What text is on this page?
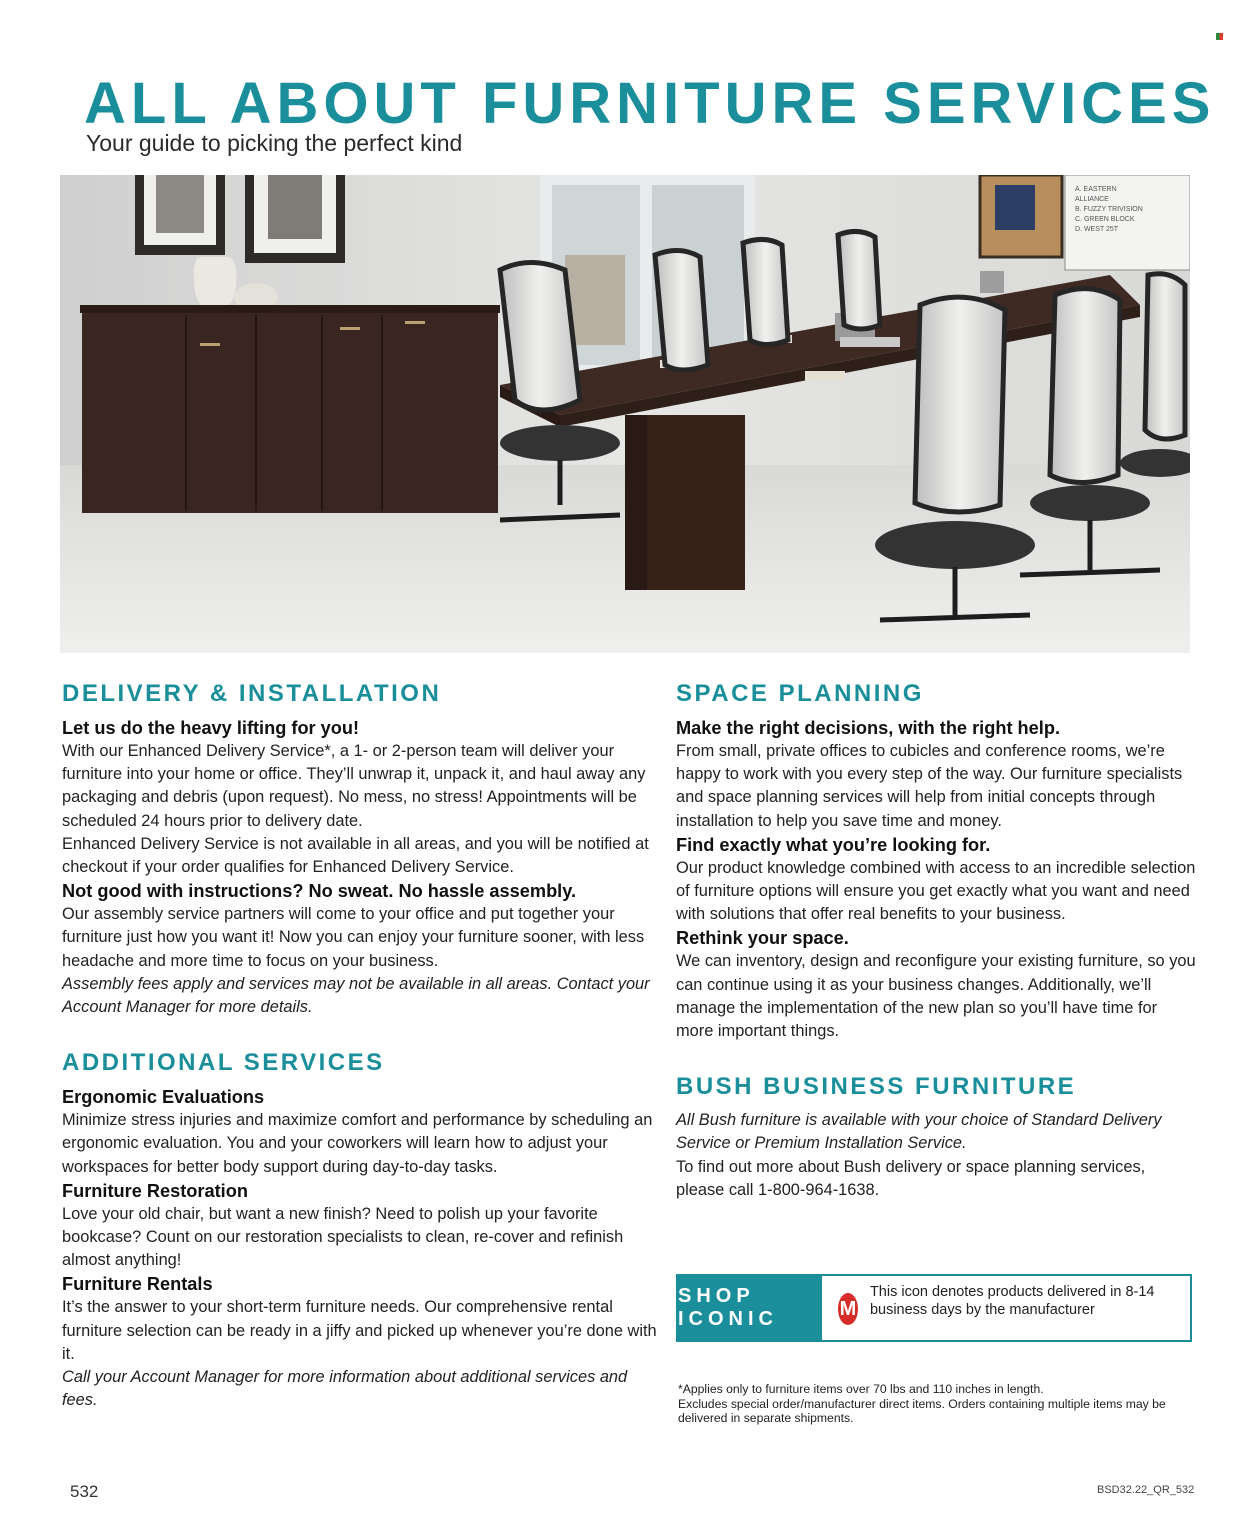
ALL ABOUT FURNITURE SERVICES
Your guide to picking the perfect kind
A. EASTERN
ALLIANCE
B. FUZZY TRIVISION
C. GREEN BLOCK
D. WEST 25T
DELIVERY & INSTALLATION
Let us do the heavy lifting for you!
With our Enhanced Delivery Service*, a 1- or 2-person team will deliver your furniture into your home or office. They’ll unwrap it, unpack it, and haul away any packaging and debris (upon request). No mess, no stress! Appointments will be scheduled 24 hours prior to delivery date.
Enhanced Delivery Service is not available in all areas, and you will be notified at checkout if your order qualifies for Enhanced Delivery Service.
Not good with instructions? No sweat. No hassle assembly.
Our assembly service partners will come to your office and put together your furniture just how you want it! Now you can enjoy your furniture sooner, with less headache and more time to focus on your business.
Assembly fees apply and services may not be available in all areas. Contact your Account Manager for more details.
ADDITIONAL SERVICES
Ergonomic Evaluations
Minimize stress injuries and maximize comfort and performance by scheduling an ergonomic evaluation. You and your coworkers will learn how to adjust your workspaces for better body support during day-to-day tasks.
Furniture Restoration
Love your old chair, but want a new finish? Need to polish up your favorite bookcase? Count on our restoration specialists to clean, re-cover and refinish almost anything!
Furniture Rentals
It’s the answer to your short-term furniture needs. Our comprehensive rental furniture selection can be ready in a jiffy and picked up whenever you’re done with it.
Call your Account Manager for more information about additional services and fees.
SPACE PLANNING
Make the right decisions, with the right help.
From small, private offices to cubicles and conference rooms, we’re happy to work with you every step of the way. Our furniture specialists and space planning services will help from initial concepts through installation to help you save time and money.
Find exactly what you’re looking for.
Our product knowledge combined with access to an incredible selection of furniture options will ensure you get exactly what you want and need with solutions that offer real benefits to your business.
Rethink your space.
We can inventory, design and reconfigure your existing furniture, so you can continue using it as your business changes. Additionally, we’ll manage the implementation of the new plan so you’ll have time for more important things.
BUSH BUSINESS FURNITURE
All Bush furniture is available with your choice of Standard Delivery Service or Premium Installation Service.
To find out more about Bush delivery or space planning services, please call 1-800-964-1638.
SHOP ICONIC	M
This icon denotes products delivered in 8-14 business days by the manufacturer
*Applies only to furniture items over 70 lbs and 110 inches in length.
Excludes special order/manufacturer direct items. Orders containing multiple items may be delivered in separate shipments.
532	BSD32.22_QR_532
